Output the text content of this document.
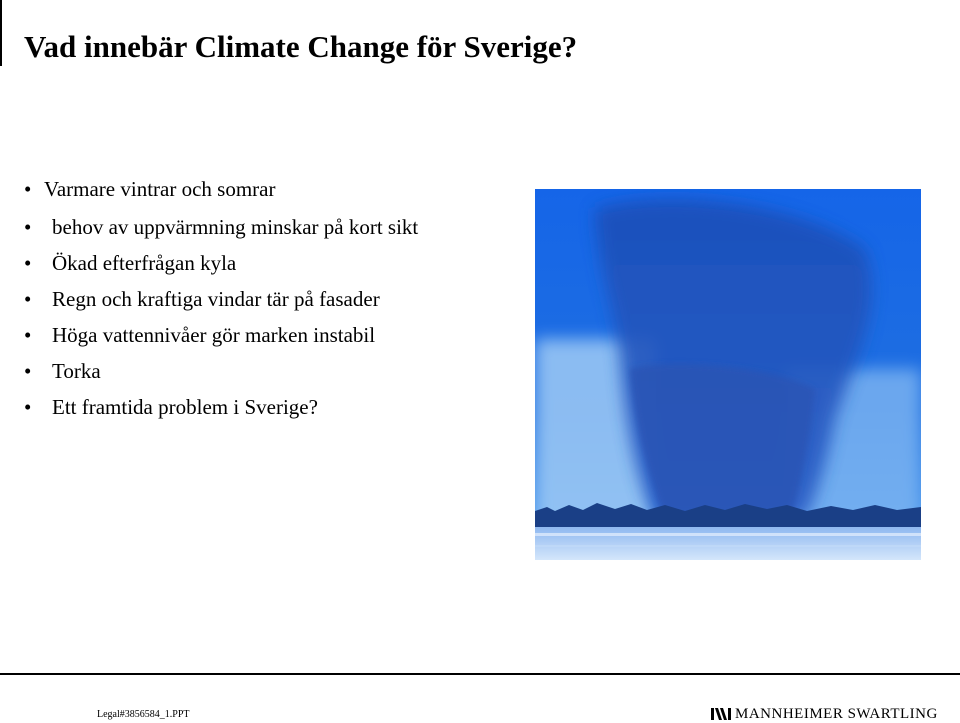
Vad innebär Climate Change för Sverige?
• Varmare vintrar och somrar
• behov av uppvärmning minskar på kort sikt
• Ökad efterfrågan kyla
• Regn och kraftiga vindar tär på fasader
• Höga vattennivåer gör marken instabil
• Torka
• Ett framtida problem i Sverige?
Legal#3856584_1.PPT	MANNHEIMER SWARTLING
